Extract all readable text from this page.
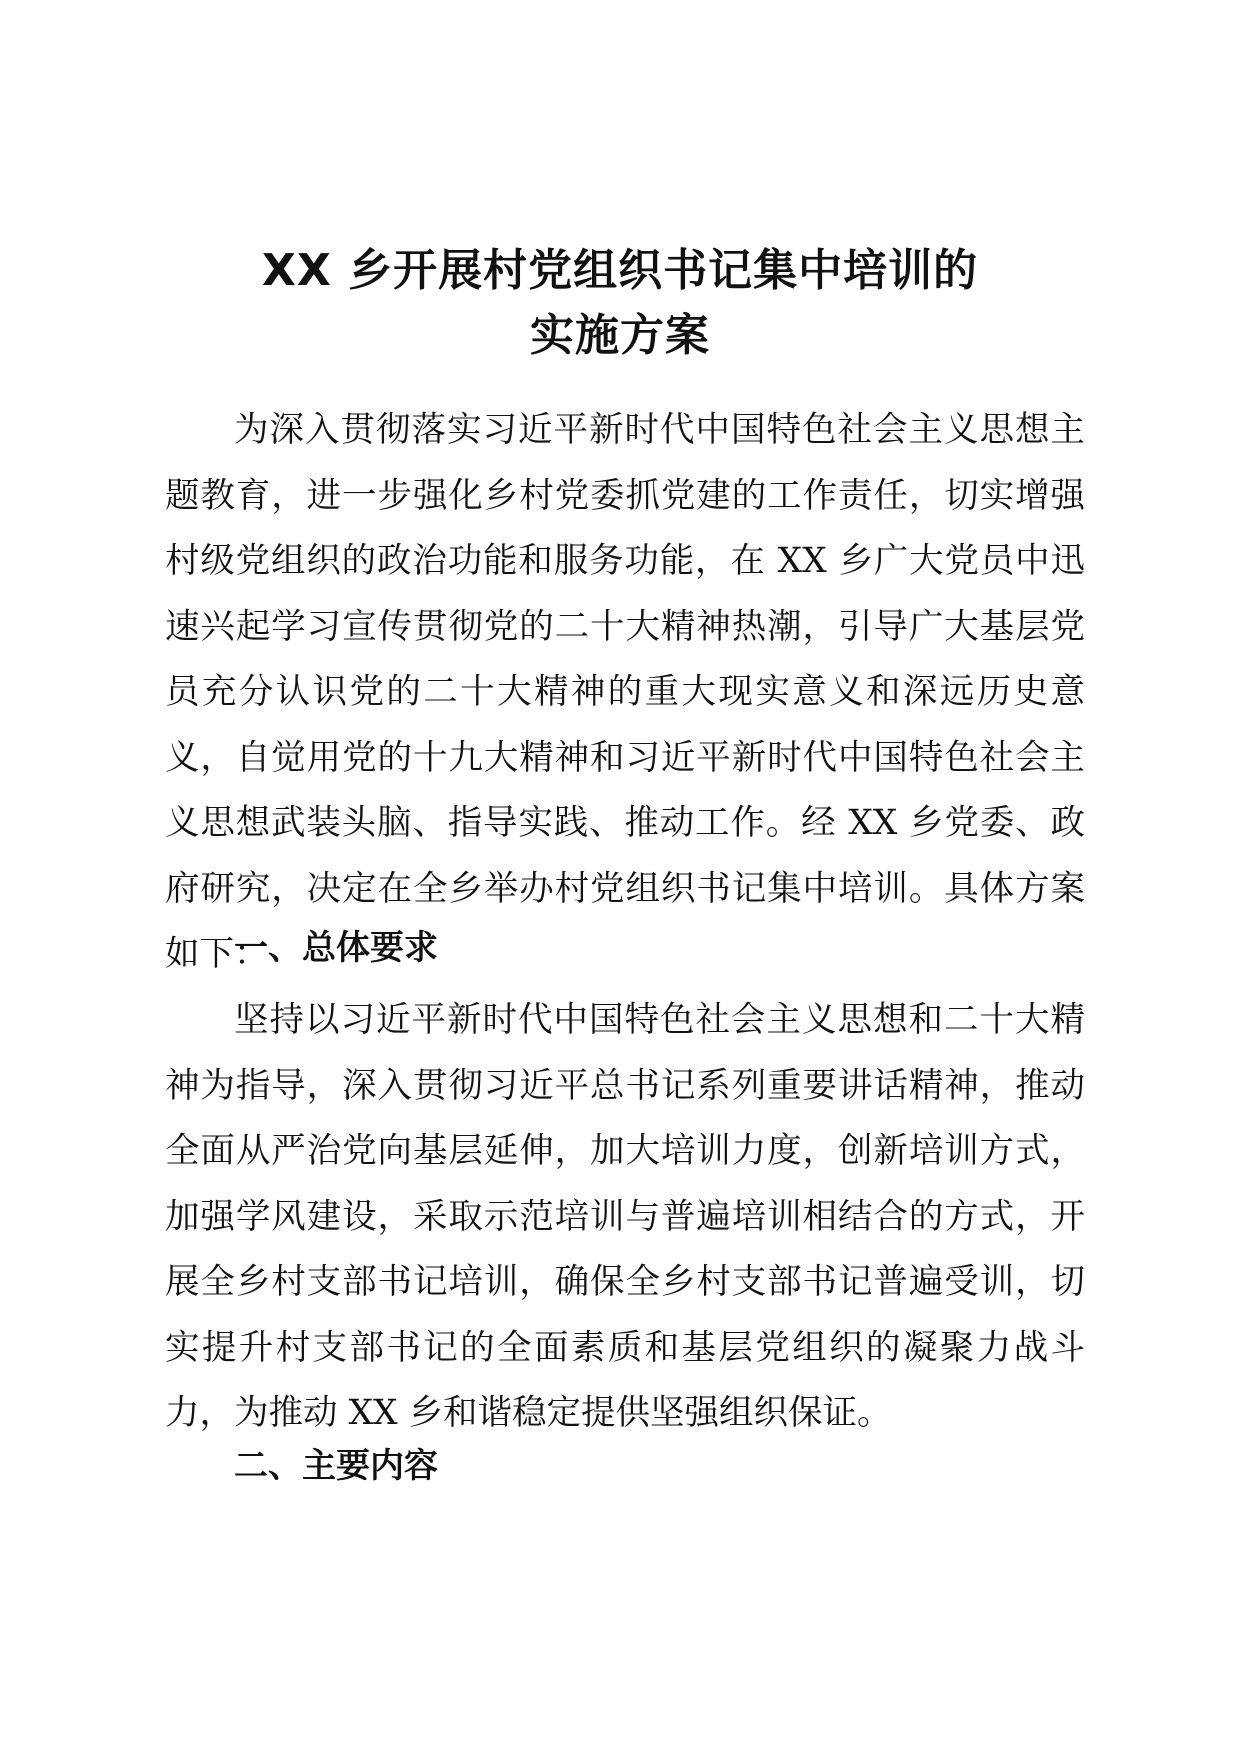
XX 乡开展村党组织书记集中培训的
实施方案

为深入贯彻落实习近平新时代中国特色社会主义思想主题教育，进一步强化乡村党委抓党建的工作责任，切实增强村级党组织的政治功能和服务功能，在 XX 乡广大党员中迅速兴起学习宣传贯彻党的二十大精神热潮，引导广大基层党员充分认识党的二十大精神的重大现实意义和深远历史意义，自觉用党的十九大精神和习近平新时代中国特色社会主义思想武装头脑、指导实践、推动工作。经 XX 乡党委、政府研究，决定在全乡举办村党组织书记集中培训。具体方案如下：

一、总体要求

坚持以习近平新时代中国特色社会主义思想和二十大精神为指导，深入贯彻习近平总书记系列重要讲话精神，推动全面从严治党向基层延伸，加大培训力度，创新培训方式，加强学风建设，采取示范培训与普遍培训相结合的方式，开展全乡村支部书记培训，确保全乡村支部书记普遍受训，切实提升村支部书记的全面素质和基层党组织的凝聚力战斗力，为推动 XX 乡和谐稳定提供坚强组织保证。

二、主要内容
